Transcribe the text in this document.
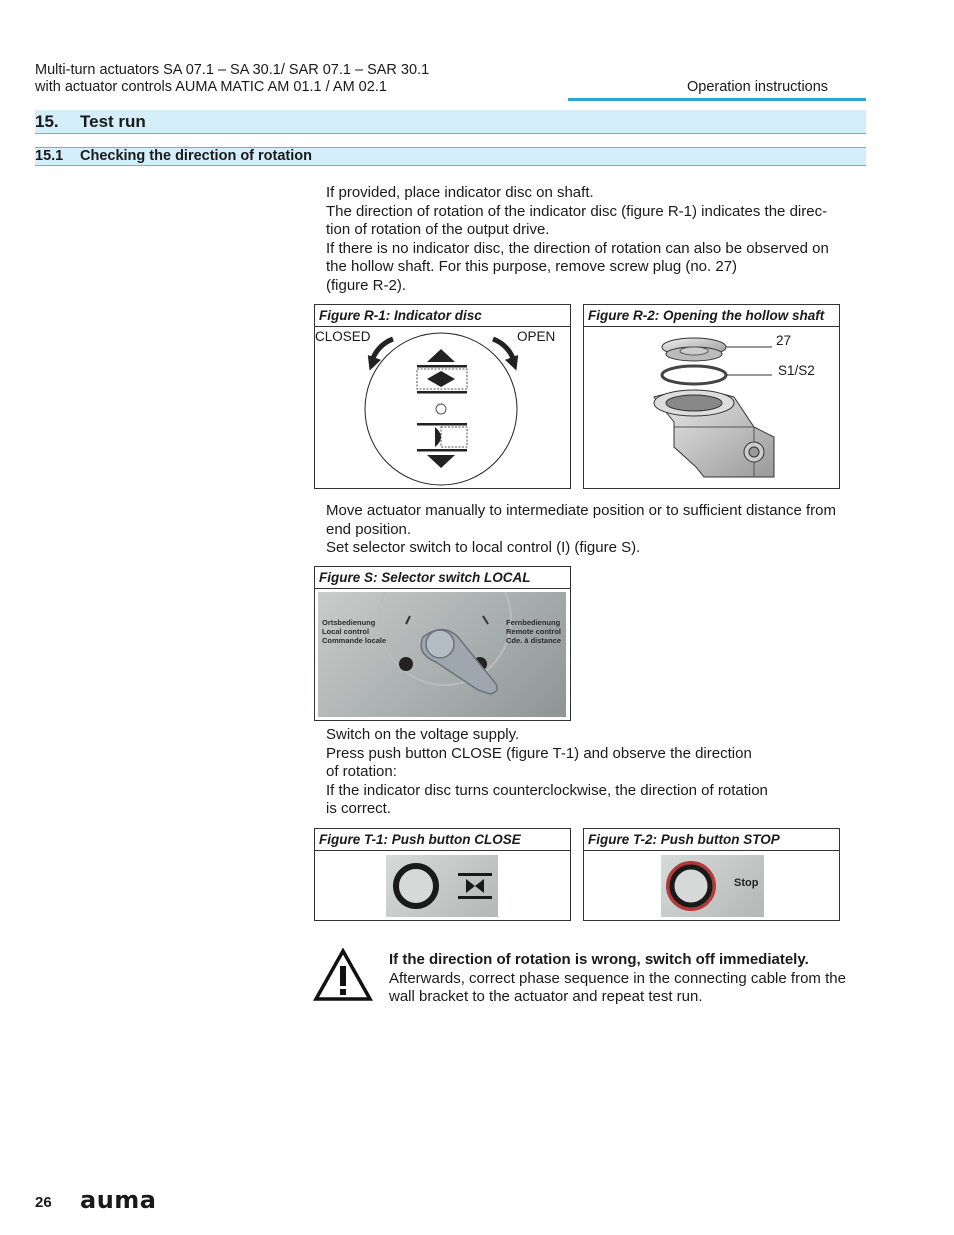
Multi-turn actuators SA 07.1 – SA 30.1/ SAR 07.1 – SAR 30.1
with actuator controls AUMA MATIC AM 01.1 / AM 02.1	Operation instructions
15. Test run
15.1 Checking the direction of rotation
If provided, place indicator disc on shaft.
The direction of rotation of the indicator disc (figure R-1) indicates the direc-
tion of rotation of the output drive.
If there is no indicator disc, the direction of rotation can also be observed on
the hollow shaft. For this purpose, remove screw plug (no. 27)
(figure R-2).
Figure R-1: Indicator disc
CLOSED	OPEN
Figure R-2: Opening the hollow shaft
27
S1/S2
Move actuator manually to intermediate position or to sufficient distance from
end position.
Set selector switch to local control (I) (figure S).
Figure S: Selector switch LOCAL
Ortsbedienung
Local control
Commande locale
Fernbedienung
Remote control
Cde. à distance
Switch on the voltage supply.
Press push button CLOSE (figure T-1) and observe the direction
of rotation:
If the indicator disc turns counterclockwise, the direction of rotation
is correct.
Figure T-1: Push button CLOSE	Figure T-2: Push button STOP
Stop
If the direction of rotation is wrong, switch off immediately.
Afterwards, correct phase sequence in the connecting cable from the
wall bracket to the actuator and repeat test run.
26 auma
